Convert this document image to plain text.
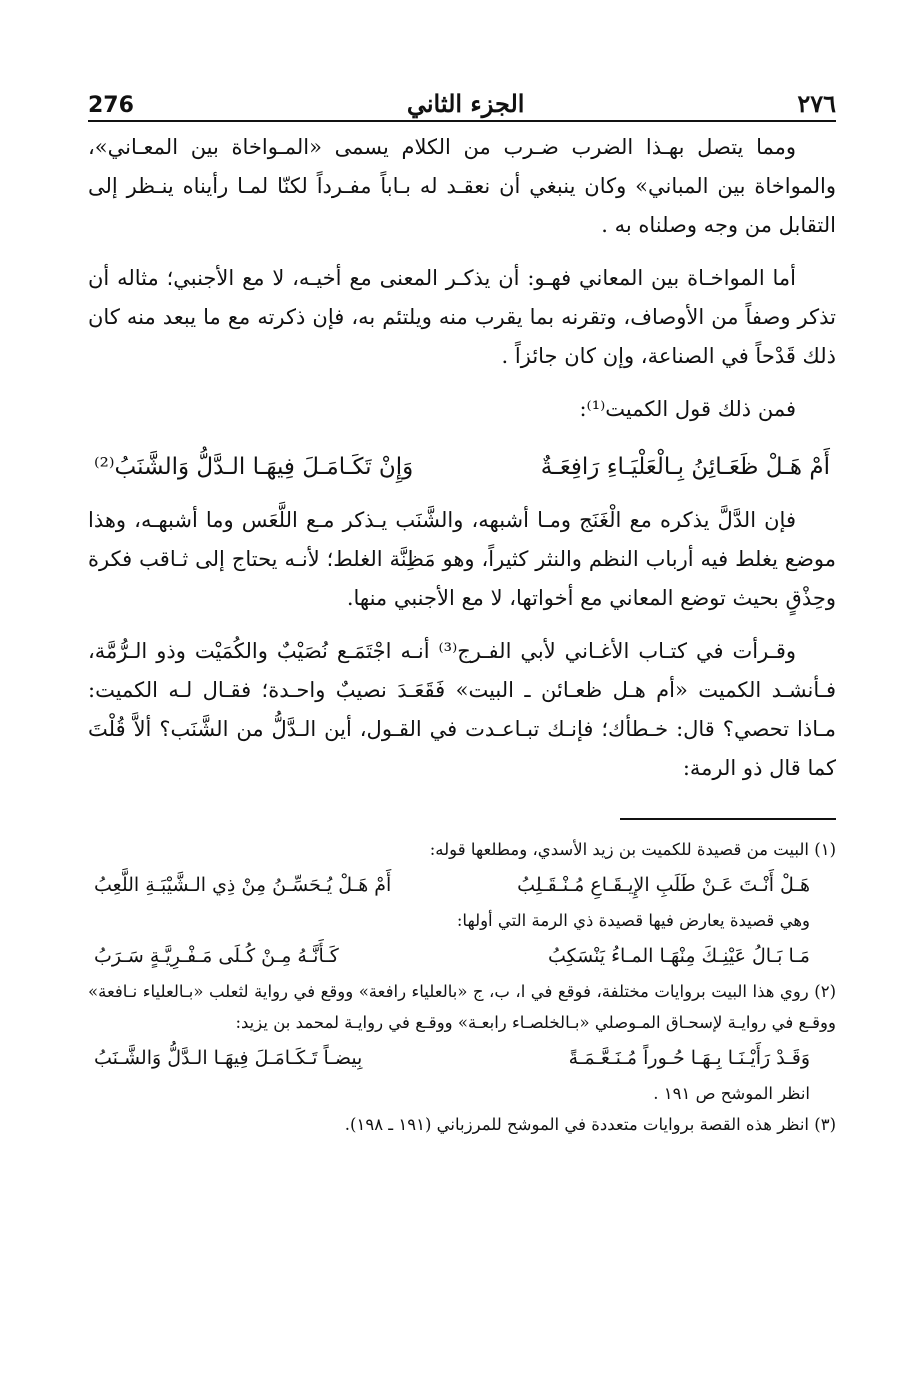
276	الجزء الثاني	٢٧٦

ومما يتصل بهـذا الضرب ضـرب من الكلام يسمى «المـواخاة بين المعـاني»، والمواخاة بين المباني» وكان ينبغي أن نعقـد له بـاباً مفـرداً لكنّا لمـا رأيناه ينـظر إلى التقابل من وجه وصلناه به .

أما المواخـاة بين المعاني فهـو: أن يذكـر المعنى مع أخيـه، لا مع الأجنبي؛ مثاله أن تذكر وصفاً من الأوصاف، وتقرنه بما يقرب منه ويلتئم به، فإن ذكرته مع ما يبعد منه كان ذلك قَدْحاً في الصناعة، وإن كان جائزاً .

فمن ذلك قول الكميت⁽¹⁾:

أَمْ هَـلْ ظَعَـائِنُ بِـالْعَلْيَـاءِ رَافِعَـةٌ
وَإِنْ تَكَـامَـلَ فِيهَـا الـدَّلُّ وَالشَّنَبُ⁽²⁾

فإن الدَّلَّ يذكره مع الْغَنَج ومـا أشبهه، والشَّنَب يـذكر مـع اللَّعَس وما أشبهـه، وهذا موضع يغلط فيه أرباب النظم والنثر كثيراً، وهو مَظِنَّة الغلط؛ لأنـه يحتاج إلى ثـاقب فكرة وحِذْقٍ بحيث توضع المعاني مع أخواتها، لا مع الأجنبي منها.

وقـرأت في كتـاب الأغـاني لأبي الفـرج⁽³⁾ أنـه اجْتَمَـع نُصَيْبٌ والكُمَيْت وذو الـرُّمَّة، فـأنشـد الكميت «أم هـل ظعـائن ـ البيت» فَقَعَـدَ نصيبٌ واحـدة؛ فقـال لـه الكميت: مـاذا تحصي؟ قال: خـطأك؛ فإنـك تبـاعـدت في القـول، أين الـدَّلُّ من الشَّنَب؟ ألاَّ قُلْتَ كما قال ذو الرمة:

(١) البيت من قصيدة للكميت بن زيد الأسدي، ومطلعها قوله:

هَـلْ أَنْـتَ عَـنْ طَلَبِ الإِيـقَـاعِ مُـنْـقَـلِبُ
أَمْ هَـلْ يُـحَسِّـنُ مِنْ ذِي الـشَّيْبَـةِ اللَّعِبُ

وهي قصيدة يعارض فيها قصيدة ذي الرمة التي أولها:

مَـا بَـالُ عَيْنِـكَ مِنْهَـا المـاءُ يَنْسَكِبُ
كَـأَنَّـهُ مِـنْ كُـلَى مَـفْـرِيَّـةٍ سَـرَبُ

(٢) روي هذا البيت بروايات مختلفة، فوقع في ا، ب، ج «بالعلياء رافعة» ووقع في رواية لثعلب «بـالعلياء نـافعة» ووقـع في روايـة لإسحـاق المـوصلي «بـالخلصـاء رابعـة» ووقـع في روايـة لمحمد بن يزيد:

وَقَـدْ رَأَيْـنَـا بِـهَـا حُـوراً مُـنَـعَّـمَـةً
بِيضـاً تَـكَـامَـلَ فِيهَـا الـدَّلُّ وَالشَّـنَبُ

انظر الموشح ص ١٩١ .

(٣) انظر هذه القصة بروايات متعددة في الموشح للمرزباني (١٩١ ـ ١٩٨).
